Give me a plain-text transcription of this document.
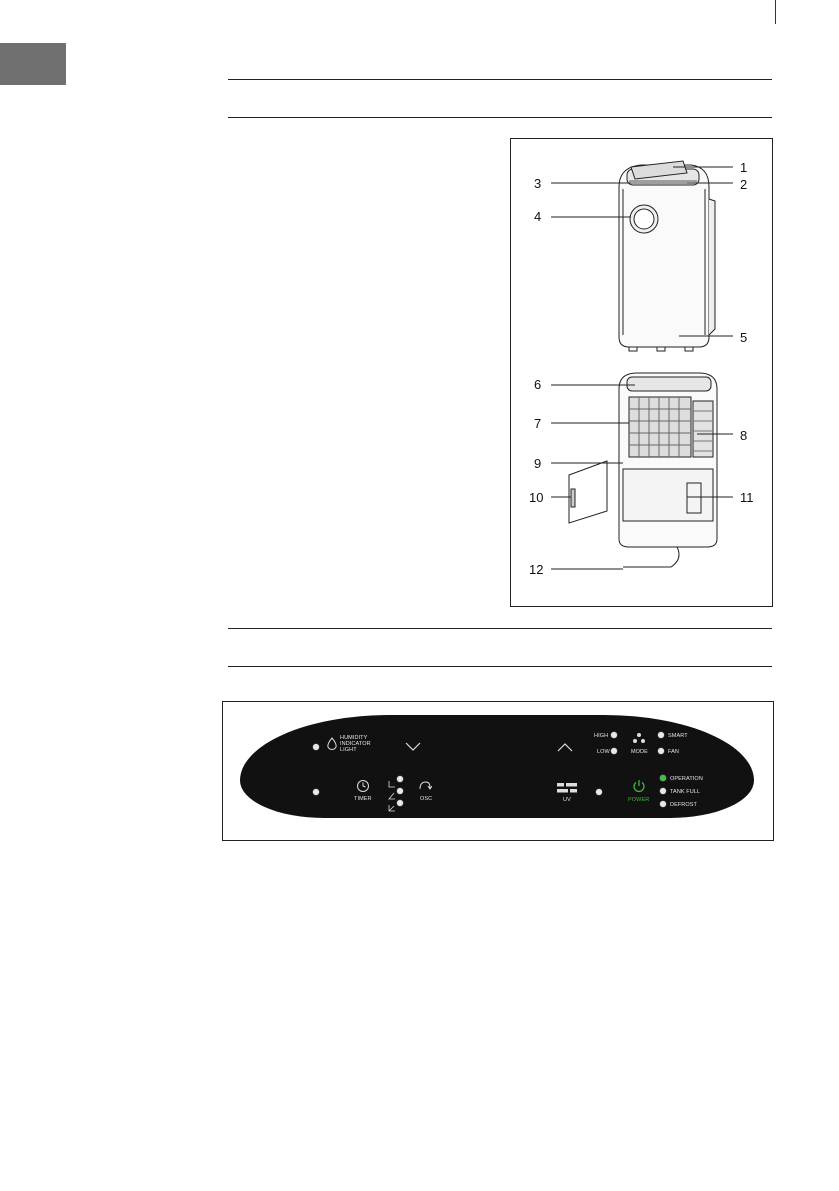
1
2
3
4
5
6
7
8
9
10	11
12
HUMIDITY
INDICATOR
LIGHT
HIGH
LOW	MODE
SMART
FAN
TIMER	OSC	UV	POWER
OPERATION
TANK FULL
DEFROST
